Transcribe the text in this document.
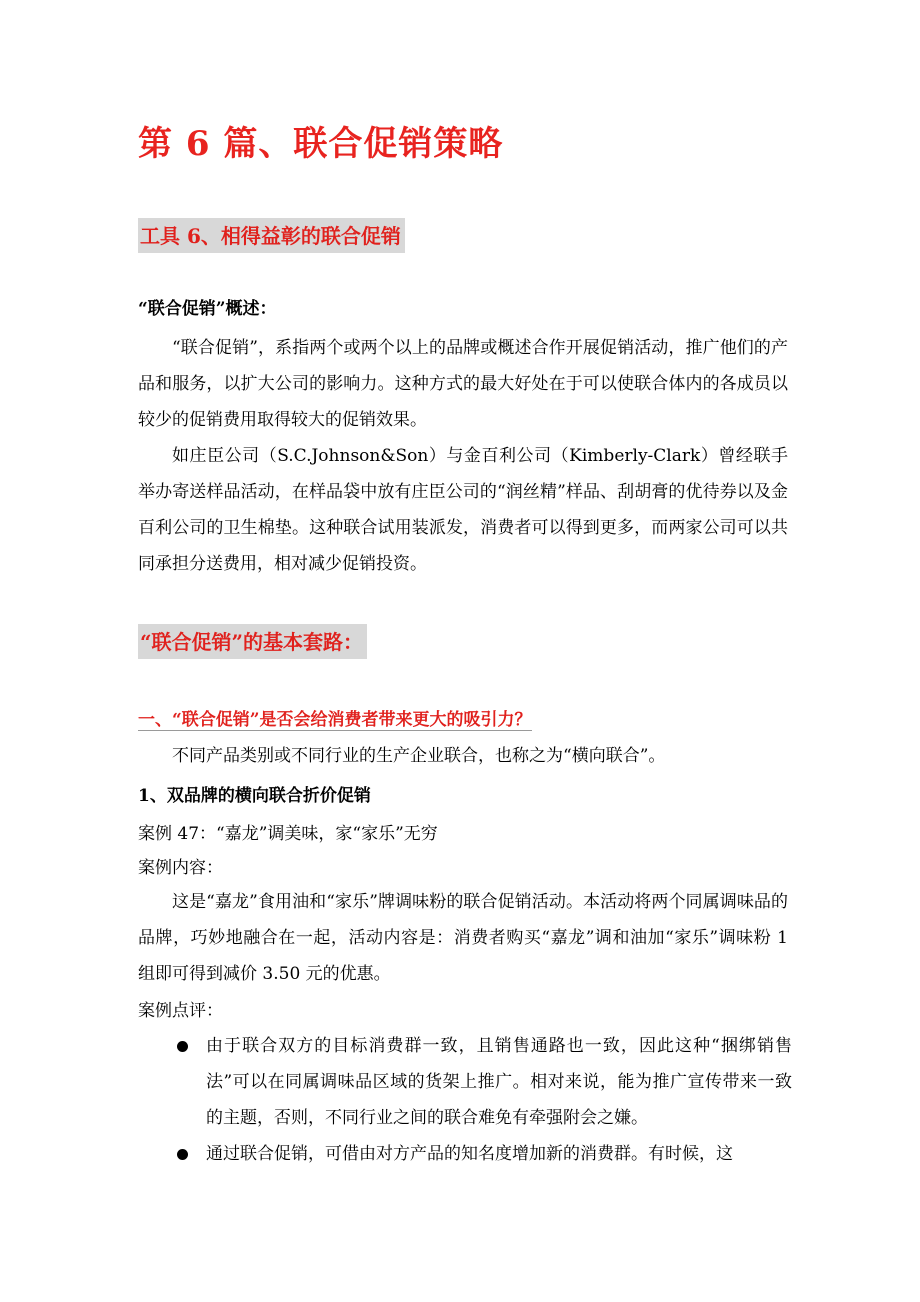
第 6 篇、联合促销策略
工具 6、相得益彰的联合促销
“联合促销”概述：

“联合促销”，系指两个或两个以上的品牌或概述合作开展促销活动，推广他们的产品和服务，以扩大公司的影响力。这种方式的最大好处在于可以使联合体内的各成员以较少的促销费用取得较大的促销效果。

如庄臣公司（S.C.Johnson&Son）与金百利公司（Kimberly-Clark）曾经联手举办寄送样品活动，在样品袋中放有庄臣公司的“润丝精”样品、刮胡膏的优待券以及金百利公司的卫生棉垫。这种联合试用装派发，消费者可以得到更多，而两家公司可以共同承担分送费用，相对减少促销投资。

“联合促销”的基本套路：
一、“联合促销”是否会给消费者带来更大的吸引力？
不同产品类别或不同行业的生产企业联合，也称之为“横向联合”。
1、双品牌的横向联合折价促销
案例 47：“嘉龙”调美味，家“家乐”无穷
案例内容：

这是“嘉龙”食用油和“家乐”牌调味粉的联合促销活动。本活动将两个同属调味品的品牌，巧妙地融合在一起，活动内容是：消费者购买“嘉龙”调和油加“家乐”调味粉 1 组即可得到减价 3.50 元的优惠。

案例点评：
由于联合双方的目标消费群一致，且销售通路也一致，因此这种“捆绑销售法”可以在同属调味品区域的货架上推广。相对来说，能为推广宣传带来一致的主题，否则，不同行业之间的联合难免有牵强附会之嫌。
通过联合促销，可借由对方产品的知名度增加新的消费群。有时候，这
